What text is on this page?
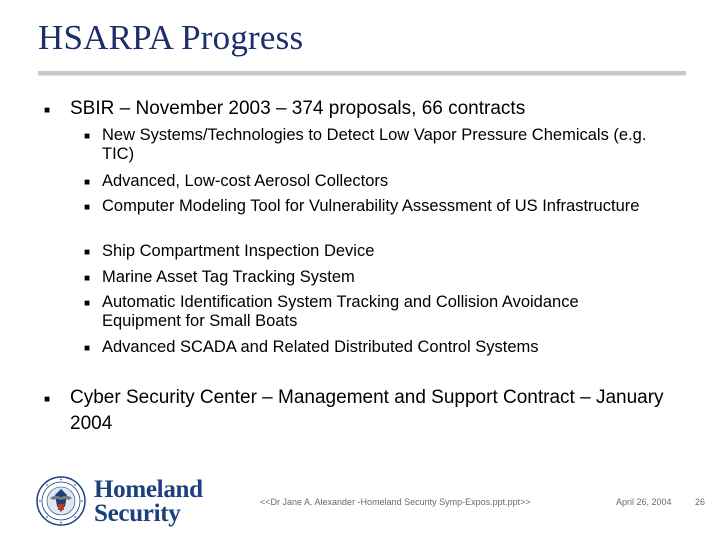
HSARPA Progress
■ SBIR – November 2003 – 374 proposals, 66 contracts
■ New Systems/Technologies to Detect Low Vapor Pressure Chemicals (e.g. TIC)
■ Advanced, Low-cost Aerosol Collectors
■ Computer Modeling Tool for Vulnerability Assessment of US Infrastructure
■ Ship Compartment Inspection Device
■ Marine Asset Tag Tracking System
■ Automatic Identification System Tracking and Collision Avoidance Equipment for Small Boats
■ Advanced SCADA and Related Distributed Control Systems
■ Cyber Security Center – Management and Support Contract – January 2004
Homeland
Security	<<Dr Jane A. Alexander -Homeland Security Symp-Expos.ppt.ppt>>	April 26, 2004	26
